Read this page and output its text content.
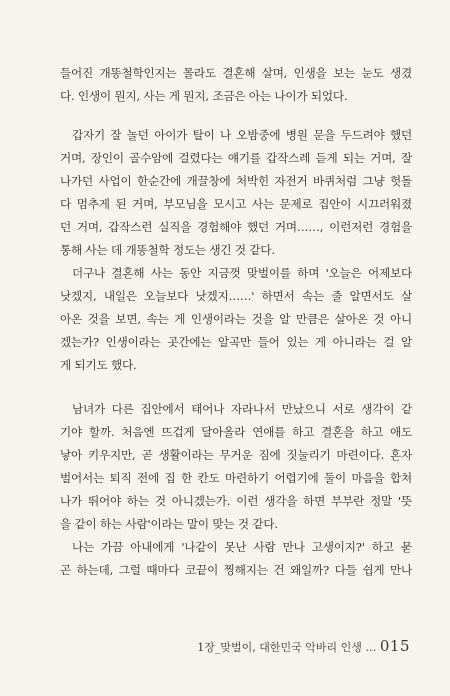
들어진 개똥철학인지는 몰라도 결혼해 살며, 인생을 보는 눈도 생겼
다. 인생이 뭔지, 사는 게 뭔지, 조금은 아는 나이가 되었다.
갑자기 잘 놀던 아이가 탈이 나 오밤중에 병원 문을 두드려야 했던
거며, 장인이 골수암에 걸렸다는 얘기를 갑작스레 듣게 되는 거며, 잘
나가던 사업이 한순간에 개끌창에 처박힌 자전거 바퀴처럼 그냥 헛돌
다 멈추게 된 거며, 부모님을 모시고 사는 문제로 집안이 시끄러워졌
던 거며, 갑작스런 실직을 경험해야 했던 거며……, 이런저런 경험을
통해 사는 데 개똥철학 정도는 생긴 것 같다.
더구나 결혼해 사는 동안 지금껏 맞벌이를 하며 '오늘은 어제보다
낫겠지, 내일은 오늘보다 낫겠지……' 하면서 속는 줄 알면서도 살
아온 것을 보면, 속는 게 인생이라는 것을 알 만큼은 살아온 것 아니
겠는가? 인생이라는 곳간에는 알곡만 들어 있는 게 아니라는 걸 알
게 되기도 했다.
남녀가 다른 집안에서 태어나 자라나서 만났으니 서로 생각이 같
기야 할까. 처음엔 뜨겁게 달아올라 연애를 하고 결혼을 하고 애도
낳아 키우지만, 곧 생활이라는 무거운 짐에 짓눌리기 마련이다. 혼자
벌어서는 퇴직 전에 집 한 칸도 마련하기 어렵기에 둘이 마음을 합쳐
나가 뛰어야 하는 것 아니겠는가. 이런 생각을 하면 부부란 정말 '뜻
을 같이 하는 사람'이라는 말이 맞는 것 같다.
나는 가끔 아내에게 '나같이 못난 사람 만나 고생이지?' 하고 묻
곤 하는데, 그럴 때마다 코끝이 찡해지는 건 왜일까? 다들 쉽게 만나
1장_맞벌이, 대한민국 악바리 인생 … 015
